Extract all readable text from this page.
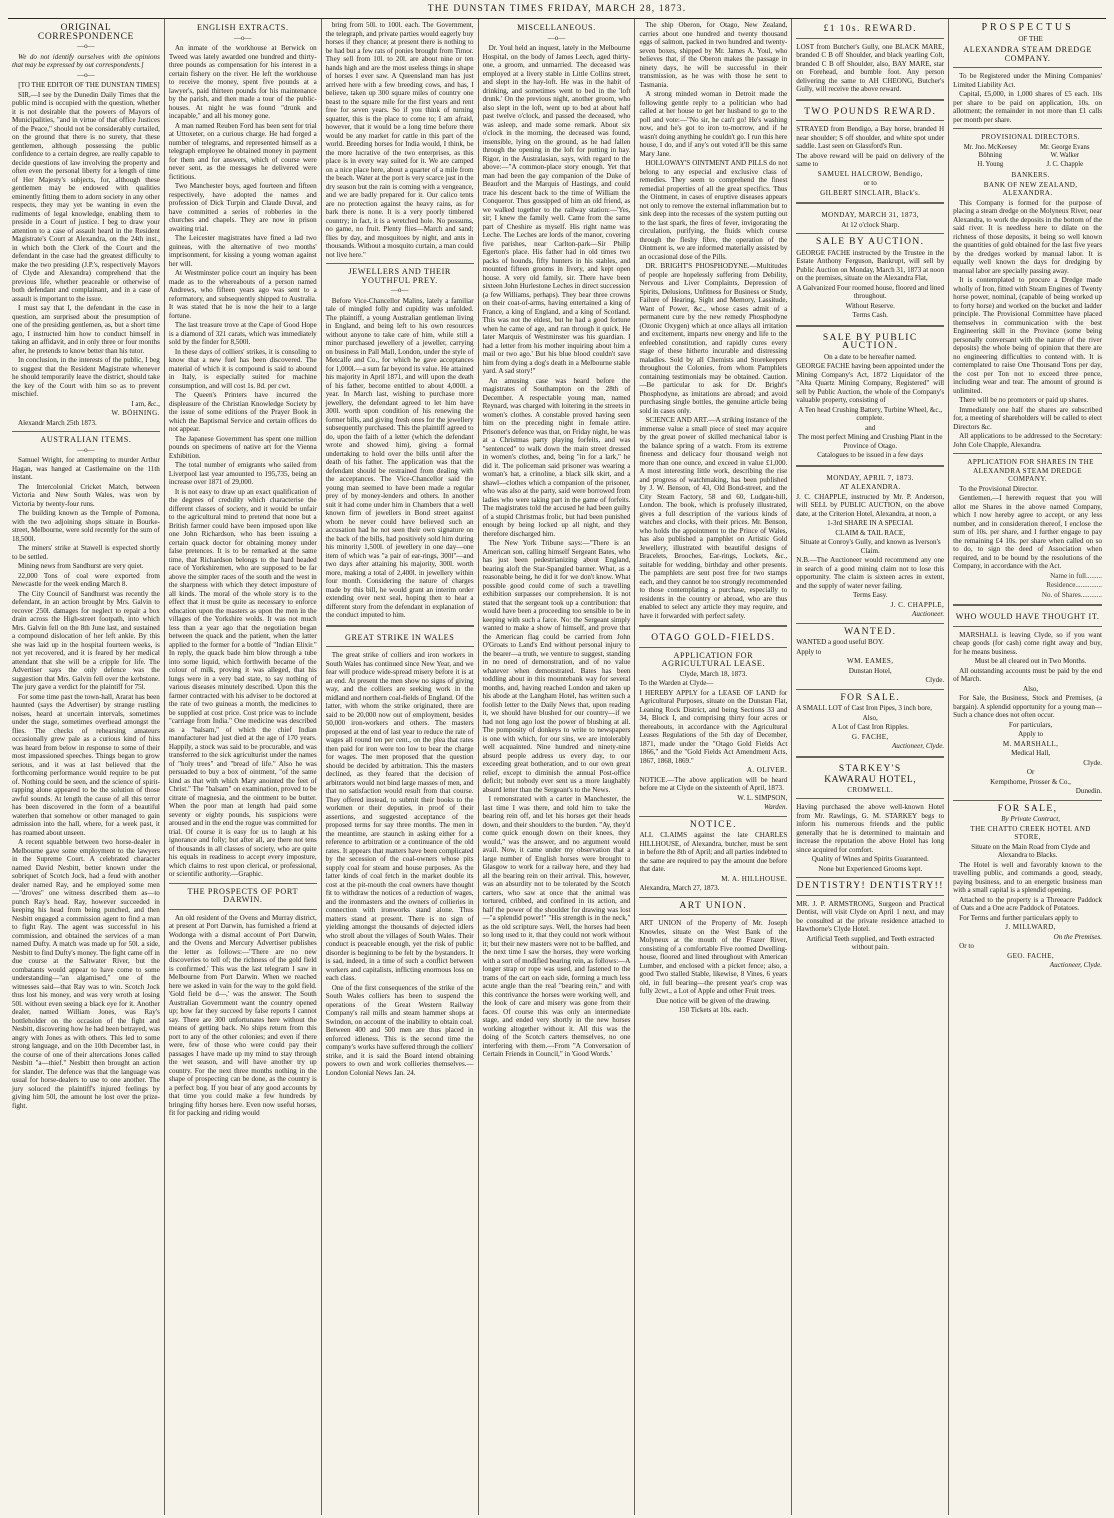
THE DUNSTAN TIMES FRIDAY, MARCH 28, 1873.
ORIGINAL CORRESPONDENCE
—o—

We do not identify ourselves with the opinions that may be expressed by out correspondents.]

—o—

[TO THE EDITOR OF THE DUNSTAN TIMES]

SIR,—I see by the Dunedin Daily Times that the public mind is occupied with the question, whether it is not desirable that the powers of Mayors of Municipalities, "and in virtue of that office Justices of the Peace," should not be considerably curtailed, on the ground that there is no surety, that these gentlemen, although possessing the public confidence to a certain degree, are really capable to decide questions of law involving the property and often even the personal liberty for a length of time of Her Majesty's subjects, for, although these gentlemen may be endowed with qualities eminently fitting them to adorn society in any other respects, they may yet be wanting in even the rudiments of legal knowledge, enabling them to preside in a Court of justice. I beg to draw your attention to a case of assault heard in the Resident Magistrate's Court at Alexandra, on the 24th inst., in which both the Clerk of the Court and the defendant in the case had the greatest difficulty to make the two presiding (J.P.'s, respectively Mayors of Clyde and Alexandra) comprehend that the previous life, whether peaceable or otherwise of both defendant and complainant, and in a case of assault is important to the issue.

I must say that I, the defendant in the case in question, am surprised about the presumption of one of the presiding gentlemen, as, but a short time ago, I instructed him how to conduct himself in taking an affidavit, and in only three or four months after, he pretends to know better than his tutor.

In conclusion, in the interests of the public, I beg to suggest that the Resident Magistrate whenever he should temporarily leave the district, should take the key of the Court with him so as to prevent mischief.

I am, &c.,

W. BÖHNING.

Alexandr March 25th 1873.

AUSTRALIAN ITEMS.
—o—

Samuel Wright, for attempting to murder Arthur Hagan, was hanged at Castlemaine on the 11th instant.

The Intercolonial Cricket Match, between Victoria and New South Wales, was won by Victoria by twenty-four runs.

The building known as the Temple of Pomona, with the two adjoining shops situate in Bourke-street, Melbourne, were sold recently for the sum of 18,500l.

The miners' strike at Stawell is expected shortly to be settled.

Mining news from Sandhurst are very quiet.

22,000 Tons of coal were exported from Newcastle for the week ending March 8.

The City Council of Sandhurst was recently the defendant, in an action brought by Mrs. Galvin to recover 250l. damages for neglect to repair a box drain across the High-street footpath, into which Mrs. Galvin fell on the 8th June last, and sustained a compound dislocation of her left ankle. By this she was laid up in the hospital fourteen weeks, is not yet recovered, and it is feared by her medical attendant that she will be a cripple for life. The Advertiser says the only defence was the suggestion that Mrs. Galvin fell over the kerbstone. The jury gave a verdict for the plaintiff for 75l.

For some time past the town-hall, Ararat has been haunted (says the Advertiser) by strange rustling noises, heard at uncertain intervals, sometimes under the stage, sometimes overhead amongst the flies. The checks of rehearsing amateurs occasionally grew pale as a curious kind of hiss was heard from below in response to some of their most impassioned speeches. Things began to grow serious, and it was at last believed that the forthcoming performance would require to be put of. Nothing could be seen, and the science of spirit-rapping alone appeared to be the solution of those awful sounds. At length the cause of all this terror has been discovered in the form of a beautiful waterhen that somehow or other managed to gain admission into the hall, where, for a week past, it has roamed about unseen.

A recent squabble between two horse-dealer in Melbourne gave some employment to the lawyers in the Supreme Court. A celebrated character named David Nesbitt, better known under the sobriquet of Scotch Jock, had a feud with another dealer named Ray, and he employed some men—"droves" one witness described them as—to punch Ray's head. Ray, however succeeded in keeping his head from being punched, and then Nesbitt engaged a commission agent to find a man to fight Ray. The agent was successful in his commission, and obtained the services of a man named Dufty. A match was made up for 50l. a side, Nesbitt to find Dufty's money. The fight came off in due course at the Saltwater River, but the combatants would appear to have come to some understanding—"an algamised," one of the witnesses said—that Ray was to win. Scotch Jock thus lost his money, and was very wroth at losing 50l. without even seeing a black eye for it. Another dealer, named William Jones, was Ray's bottleholder on the occasion of the fight and Nesbitt, discovering how he had been betrayed, was angry with Jones as with others. This led to some strong language, and on the 10th December last, in the course of one of their altercations Jones called Nesbitt "a—thief." Nesbitt then brought an action for slander. The defence was that the language was usual for horse-dealers to use to one another. The jury soluced the plaintiff's injured feelings by giving him 50l, the amount he lost over the prize-fight.

ENGLISH EXTRACTS.
—o—

An inmate of the workhouse at Berwick on Tweed was lately awarded one hundred and thirty-three pounds as compensation for his interest in a certain fishery on the river. He left the workhouse to receive the money, spent five pounds at a lawyer's, paid thirteen pounds for his maintenance by the parish, and then made a tour of the public-houses. At night he was found "drunk and incapable," and all his money gone.

A man named Reuben Ford has been sent for trial at Uttoxeter, on a curious charge. He had forged a number of telegrams, and represented himself as a telegraph employee he obtained money in payment for them and for answers, which of course were never sent, as the messages he delivered were fictitious.

Two Manchester boys, aged fourteen and fifteen respectively, have adopted the names and profession of Dick Turpin and Claude Duval, and have committed a series of robberies in the churches and chapels. They are now in prison awaiting trial.

The Leicester magistrates have fined a lad two guineas, with the alternative of two months' imprisonment, for kissing a young woman against her will.

At Westminster police court an inquiry has been made as to the whereabouts of a person named Andrews, who fifteen years ago was sent to a reformatory, and subsequently shipped to Australia. It was stated that he is now the heir to a large fortune.

The last treasure trove at the Cape of Good Hope is a diamond of 321 carats, which was immediately sold by the finder for 8,500l.

In these days of colliers' strikes, it is consoling to know that a new fuel has been discovered. The material of which it is compound is said to abound in Italy, is especially suited for machine consumption, and will cost 1s. 8d. per cwt.

The Queen's Printers have incurred the displeasure of the Christian Knowledge Society by the issue of some editions of the Prayer Book in which the Baptismal Service and certain offices do not appear.

The Japanese Government has spent one million pounds on specimens of native art for the Vienna Exhibition.

The total number of emigrants who sailed from Liverpool last year amounted to 195,735, being an increase over 1871 of 29,000.

It is not easy to draw up an exact qualification of the degrees of credulity which characterise the different classes of society, and it would be unfair to the agricultural mind to pretend that none but a British farmer could have been imposed upon like one John Richardson, who has been issuing a certain quack doctor for obtaining money under false pretences. It is to be remarked at the same time, that Richardson belongs to the hard headed race of Yorkshiremen, who are supposed to be far above the simpler races of the south and the west in the sharpness with which they detect imposture of all kinds. The moral of the whole story is to the effect that it must be quite as necessary to enforce education upon the masters as upon the men in the villages of the Yorkshire wolds. It was not much less than a year ago that the negotiation began between the quack and the patient, when the latter applied to the former for a bottle of "Indian Elixir." In reply, the quack bade him blow through a tube into some liquid, which forthwith became of the colour of milk, proving it was alleged, that his lungs were in a very bad state, to say nothing of various diseases minutely described. Upon this the farmer contracted with his adviser to be doctored at the rate of two guineas a month, the medicines to be supplied at cost price. Cost price was to include "carriage from India." One medicine was described as a "balsam," of which the chief Indian manufacturer had just died at the age of 170 years. Happily, a stock was said to be procurable, and was transferred to the sick agriculturist under the names of "holy trees" and "bread of life." Also he was persuaded to buy a box of ointment, "of the same kind as that with which Mary anointed the feet of Christ." The "balsam" on examination, proved to be citrate of magnesia, and the ointment to be butter. When the poor man at length had paid some seventy or eighty pounds, his suspicions were aroused and in the end the rogue was committed for trial. Of course it is easy for us to laugh at his ignorance and folly; but after all, are there not tens of thousands in all classes of society, who are quite his equals in readiness to accept every imposture, which claims to rest upon clerical, or professional, or scientific authority.—Graphic.

THE PROSPECTS OF PORT DARWIN.

An old resident of the Ovens and Murray district, at present at Port Darwin, has furnished a friend at Wodonga with a dismal account of Port Darwin, and the Ovens and Mercury Advertiser publishes the letter as follows:—"There are no new discoveries to tell of; the richness of the gold field is confirmed.' This was the last telegram I saw in Melbourne from Port Darwin. When we reached here we asked in vain for the way to the gold field. 'Gold field be d—,' was the answer. The South Australian Government want the country opened up; how far they succeed by false reports I cannot say. There are 300 unfortunates here without the means of getting back. No ships return from this port to any of the other colonies; and even if there were, few of those who were could pay their passages I have made up my mind to stay through the wet season, and will have another try up country. For the next three months nothing in the shape of prospecting can be done, as the country is a perfect bog. If you hear of any good accounts by that time you could make a few hundreds by bringing fifty horses here. Even now useful horses, fit for packing and riding would

bring from 50l. to 100l. each. The Government, the telegraph, and private parties would eagerly buy horses if they chance; at present there is nothing to be had but a few rats of ponies brought from Timor. They sell from 10l. to 20l. are about nine or ten hands high and are the most useless things in shape of horses I ever saw. A Queensland man has just arrived here with a few breeding cows, and has, I believe, taken up 300 square miles of country one beast to the square mile for the first years and rent free for seven years. So if you think of turning squatter, this is the place to come to; I am afraid, however, that it would be a long time before there would be any market for cattle in this part of the world. Breeding horses for India would, I think, be the more lucrative of the two enterprises, as this place is in every way suited for it. We are camped on a nice place here, about a quarter of a mile from the beach. Water at the port is very scarce just in the dry season but the rain is coming with a vengeance, and we are badly prepared for it. Our calico tents are no protection against the heavy rains, as for bark there is none. It is a very poorly timbered country; in fact, it is a wretched hole. No possums, no game, no fruit. Plenty flies—March and sand; flies by day, and mosquitoes by night, and ants in thousands. Without a mosquito curtain, a man could not live here."

JEWELLERS AND THEIR YOUTHFUL PREY.
—o—

Before Vice-Chancellor Malins, lately a familiar tale of mingled folly and cupidity was unfolded. The plaintiff, a young Australian gentleman living in England, and being left to his own resources without anyone to take care of him, while still a minor purchased jewellery of a jeweller, carrying on business in Pall Mall, London, under the style of Metcalfe and Co., for which he gave acceptances for 1,000l.—a sum far beyond its value. He attained his majority in April 1871, and will upon the death of his father, become entitled to about 4,000l. a year. In March last, wishing to purchase more jewellery, the defendant agreed to let him have 300l. worth upon condition of his renewing the former bills, and giving fresh ones for the jewellery subsequently purchased. This the plaintiff agreed to do, upon the faith of a letter (which the defendant wrote and showed him), giving a formal undertaking to hold over the bills until after the death of his father. The application was that the defendant should be restrained from dealing with the acceptances. The Vice-Chancellor said the young man seemed to have been made a regular prey of by money-lenders and others. In another suit it had come under him in Chambers that a well known firm of jewellers in Bond street against whom he never could have believed such an accusation had he not seen their own signature on the back of the bills, had positively sold him during his minority 1,500l. of jewellery in one day—one item of which was "a pair of ear-rings, 300l"—and two days after attaining his majority, 300l. worth more, making a total of 2,400l. in jewellery within four month. Considering the nature of charges made by this bill, he would grant an interim order extending over next seal, hoping then to hear a different story from the defendant in explanation of the conduct imputed to him.

GREAT STRIKE IN WALES

The great strike of colliers and iron workers in South Wales has continued since New Year, and we fear will produce wide-spread misery before it is at an end. At present the men show no signs of giving way, and the colliers are seeking work in the midland and northern coal-fields of England. Of the latter, with whom the strike originated, there are said to be 20,000 now out of employment, besides 50,000 iron-workers and others. The masters proposed at the end of last year to reduce the rate of wages all round ten per cent., on the plea that rates then paid for iron were too low to bear the charge for wages. The men proposed that the question should be decided by arbitration. This the masters declined, as they feared that the decision of arbitrators would not bind large masses of men, and that no satisfaction would result from that course. They offered instead, to submit their books to the workmen or their deputies, in proof of their assertions, and suggested acceptance of the proposed terms for say three months. The men in the meantime, are staunch in asking either for a reference to arbitration or a continuance of the old rates. It appears that matters have been complicated by the secession of the coal-owners whose pits supply coal for steam and house purposes. As the latter kinds of coal fetch in the market double its cost at the pit-mouth the coal owners have thought fit to withdraw the notices of a reduction of wages, and the ironmasters and the owners of collieries in connection with ironworks stand alone. Thus matters stand at present. There is no sign of yielding amongst the thousands of dejected idlers who stroll about the villages of South Wales. Their conduct is peaceable enough, yet the risk of public disorder is beginning to be felt by the bystanders. It is sad, indeed, in a time of such a conflict between workers and capitalists, inflicting enormous loss on each class.

One of the first consequences of the strike of the South Wales colliers has been to suspend the operations of the Great Western Railway Company's rail mills and steam hammer shops at Swindon, on account of the inability to obtain coal. Between 400 and 500 men are thus placed in enforced idleness. This is the second time the company's works have suffered through the colliers' strike, and it is said the Board intend obtaining powers to own and work collieries themselves.—London Colonial News Jan. 24.

MISCELLANEOUS.
—o—

Dr. Youl held an inquest, lately in the Melbourne Hospital, on the body of James Leech, aged thirty-one, a groom, and unmarried. The deceased was employed at a livery stable in Little Collins street, and slept in the hay-loft. He was in the habit of drinking, and sometimes went to bed in the 'loft drunk.' On the previous night, another groom, who also slept in the loft, went up to bed at about half past twelve o'clock, and passed the deceased, who was asleep, and made some remark. About six o'clock in the morning, the deceased was found, insensible, lying on the ground, as he had fallen through the opening in the loft for putting in hay. Rigor, in the Australasian, says, with regard to the above:—"A common-place story enough. Yet that man had been the gay companion of the Duke of Beaufort and the Marquis of Hastings, and could trace his descent back to the time of William the Conqueror. Thus gossipped of him an old friend, as we walked together to the railway station:—'Yes, sir; I knew the family well. Came from the same part of Cheshire as myself. His right name was Leche. The Leches are lords of the manor, covering five parishes, near Carlton-park—Sir Philip Egerton's place. His father had in old times two packs of hounds, fifty hunters in his stables, and mounted fifteen grooms in livery, and kept open house. A very old family, sir. There have been sixteen John Hurlestone Leches in direct succession (a few Williams, perhaps). They bear three crowns on their coat-of-arms, having entertained a king of France, a king of England, and a king of Scotland. This was not the eldest, but he had a good fortune when he came of age, and ran through it quick. He later Marquis of Westminster was his guardian. I had a letter from his mother inquiring about him a mail or two ago.' But his blue blood couldn't save him from dying a dog's death in a Melbourne stable yard. A sad story!"

An amusing case was heard before the magistrates of Southampton on the 28th of December. A respectable young man, named Reynard, was charged with loitering in the streets in women's clothes. A constable proved having seen him on the preceding night in female attire. Prisoner's defence was that, on Friday night, he was at a Christmas party playing forfeits, and was "sentenced" to walk down the main street dressed in women's clothes, and, being "in for a lark," he did it. The policeman said prisoner was wearing a woman's hat, a crinoline, a black silk skirt, and a shawl—clothes which a companion of the prisoner, who was also at the party, said were borrowed from ladies who were taking part in the game of forfeits. The magistrates told the accused he had been guilty of a stupid Christmas frolic, but had been punished enough by being locked up all night, and they therefore discharged him.

The New York Tribune says:—"There is an American son, calling himself Sergeant Bates, who has just been pedestrianizing about England, bearing aloft the Star-Spangled banner. What, as a reasonable being, he did it for we don't know. What possible good could come of such a travelling exhibition surpasses our comprehension. It is not stated that the sergeant took up a contribution: that would have been a proceeding too sensible to be in keeping with such a farce. No: the Sergeant simply wanted to make a show of himself, and prove that the American flag could be carried from John O'Groats to Land's End without personal injury to the bearer—a truth, we venture to suggest, standing in no need of demonstration, and of no value whatever when demonstrated. Bates has been toddling about in this mountebank way for several months, and, having reached London and taken up his abode at the Langham Hotel, has written such a foolish letter to the Daily News that, upon reading it, we should have blushed for our country—if we had not long ago lost the power of blushing at all. The pomposity of donkeys to write to newspapers is one with which, for our sins, we are intolerably well acquainted. Nine hundred and ninety-nine absurd people address us every day, to our exceeding great botheration, and to our own great relief, except to diminish the annual Post-office deficit; but nobody ever sent us a more laughably absurd letter than the Sergeant's to the News.

I remonstrated with a carter in Manchester, the last time I was there, and told him to take the bearing rein off, and let his horses get their heads down, and their shoulders to the burden. "Ay, they'd come quick enough down on their knees, they would," was the answer, and no argument would avail. Now, it came under my observation that a large number of English horses were brought to Glasgow to work for a railway here, and they had all the bearing rein on their arrival. This, however, was an absurdity not to be tolerated by the Scotch carters, who saw at once that the animal was tortured, cribbed, and confined in its action, and half the power of the shoulder for drawing was lost—"a splendid power!" "His strength is in the neck," as the old scripture says. Well, the horses had been so long used to it, that they could not work without it; but their new masters were not to be baffled, and the next time I saw the horses, they were working with a sort of modified bearing rein, as follows:—A longer strap or rope was used, and fastened to the trams of the cart on each side, forming a much less acute angle than the real "bearing rein," and with this contrivance the horses were working well, and the look of care and misery was gone from their faces. Of course this was only an intermediate stage, and ended very shortly in the new horses working altogether without it. All this was the doing of the Scotch carters themselves, no one interfering with them.—From "A Conversation of Certain Friends in Council," in 'Good Words.'

The ship Oberon, for Otago, New Zealand, carries about one hundred and twenty thousand eggs of salmon, packed in two hundred and twenty-seven boxes, shipped by Mr. James A. Youl, who believes that, if the Oberon makes the passage in ninety days, he will be successful in their transmission, as he was with those he sent to Tasmania.

A strong minded woman in Detroit made the following gentle reply to a politician who had called at her house to get her husband to go to the poll and vote:—"No sir, he can't go! He's washing now, and he's got to iron to-morrow, and if he wasn't doing anything he couldn't go. I run this here house, I do, and if any's out voted it'll be this same Mary Jane.

HOLLOWAY'S OINTMENT AND PILLS do not belong to any especial and exclusive class of remedies. They seem to comprehend the finest remedial properties of all the great specifics. Thus the Ointment, in cases of eruptive diseases appears not only to remove the external inflammation but to sink deep into the recesses of the system putting out to the last spark, the fires of fever, invigorating the circulation, purifying, the fluids which course through the fleshy fibre, the operation of the Ointment is, we are informed materially assisted by an occasional dose of the Pills.

DR. BRIGHT'S PHOSPHODYNE.—Multitudes of people are hopelessly suffering from Debility, Nervous and Liver Complaints, Depression of Spirits, Delusions, Unfitness for Business or Study, Failure of Hearing, Sight and Memory, Lassitude, Want of Power, &c., whose cases admit of a permanent cure by the new remedy Phosphodyne (Ozonic Oxygen) which at once allays all irritation and excitement, imparts new energy and life to the enfeebled constitution, and rapidly cures every stage of these hitherto incurable and distressing maladies. Sold by all Chemists and Storekeepers throughout the Colonies, from whom Pamphlets containing testimonials may be obtained. Caution.—Be particular to ask for Dr. Bright's Phosphodyne, as imitations are abroad; and avoid purchasing single bottles, the genuine article being sold in cases only.

SCIENCE AND ART.—A striking instance of the immense value a small piece of steel may acquire by the great power of skilled mechanical labor is the balance spring of a watch. From its extreme fineness and delicacy four thousand weigh not more than one ounce, and exceed in value £1,000. A most interesting little work, describing the rise and progress of watchmaking, has been published by J. W. Benson, of 43, Old Bond-street, and the City Steam Factory, 58 and 60, Ludgate-hill, London. The book, which is profusely illustrated, gives a full description of the various kinds of watches and clocks, with their prices. Mr. Benson, who holds the appointment to the Prince of Wales, has also published a pamphlet on Artistic Gold Jewellery, illustrated with beautiful designs of Bracelets, Brooches, Ear-rings, Lockets, &c., suitable for wedding, birthday and other presents. The pamphlets are sent post free for two stamps each, and they cannot be too strongly recommended to those contemplating a purchase, especially to residents in the country or abroad, who are thus enabled to select any article they may require, and have it forwarded with perfect safety.

OTAGO GOLD-FIELDS.
APPLICATION FOR AGRICULTURAL LEASE.

Clyde, March 18, 1873.

To the Warden at Clyde—

I HEREBY APPLY for a LEASE OF LAND for Agricultural Purposes, situate on the Dunstan Flat, Leaning Rock District, and being Sections 33 and 34, Block I, and comprising thirty four acres or thereabouts, in accordance with the Agricultural Leases Regulations of the 5th day of December, 1871, made under the "Otago Gold Fields Act 1866," and the "Gold Fields Act Amendment Acts, 1867, 1868, 1869."

A. OLIVER.

NOTICE.—The above application will be heard before me at Clyde on the sixteenth of April, 1873.

W. L. SIMPSON,

Warden.

NOTICE.

ALL CLAIMS against the late CHARLES HILLHOUSE, of Alexandra, butcher, must be sent in before the 8th of April; and all parties indebted to the same are required to pay the amount due before that date.

M. A. HILLHOUSE.

Alexandra, March 27, 1873.

ART UNION.

ART UNION of the Property of Mr. Joseph Knowles, situate on the West Bank of the Molyneux at the mouth of the Frazer River, consisting of a comfortable Five roomed Dwelling-house, floored and lined throughout with American Lumber, and enclosed with a picket fence; also, a good Two stalled Stable, likewise, 8 Vines, 6 years old, in full bearing—the present year's crop was fully 2cwt., a Lot of Apple and other Fruit trees.

Due notice will be given of the drawing.

150 Tickets at 10s. each.

£1 10s. REWARD.

LOST from Butcher's Gully, one BLACK MARE, branded C B off Shoulder, and black yearling Colt, branded C B off Shoulder, also, BAY MARE, star on Forehead, and bumble foot. Any person delivering the same to AH CHEONG, Butcher's Gully, will receive the above reward.

TWO POUNDS REWARD.

STRAYED from Bendigo, a Bay horse, branded H near shoulder; S off shoulder, and white spot under saddle. Last seen on Glassford's Run.

The above reward will be paid on delivery of the same to

SAMUEL HALCROW, Bendigo,

or to

GILBERT SINCLAIR, Black's.

MONDAY, MARCH 31, 1873,

At 12 o'clock Sharp.

SALE BY AUCTION.

GEORGE FACHE instructed by the Trustee in the Estate Anthony Ferguson, Bankrupt, will sell by Public Auction on Monday, March 31, 1873 at noon on the premises, situate on the Alexandra Flat,

A Galvanized Four roomed house, floored and lined throughout.

Without Reserve.

Terms Cash.

SALE BY PUBLIC AUCTION.

On a date to be hereafter named.

GEORGE FACHE having been appointed under the Mining Company's Act, 1872 Liquidator of the "Alta Quartz Mining Company, Registered" will sell by Public Auction, the whole of the Company's valuable property, consisting of

A Ten head Crushing Battery, Turbine Wheel, &c., complete.

and

The most perfect Mining and Crushing Plant in the Province of Otago.

Catalogues to be issued in a few days

MONDAY, APRIL 7, 1873.

AT ALEXANDRA.

J. C. CHAPPLE, instructed by Mr. P. Anderson, will SELL by PUBLIC AUCTION, on the above date, at the Criterion Hotel, Alexandra, at noon, a

1-3rd SHARE IN A SPECIAL

CLAIM & TAIL RACE,

Situate at Conroy's Gully, and known as Iverson's Claim.

N.B.—The Auctioneer would recommend any one in search of a good mining claim not to lose this opportunity. The claim is sixteen acres in extent, and the supply of water never failing.

Terms Easy.

J. C. CHAPPLE,

Auctioneer.

WANTED.

WANTED a good useful BOY.

Apply to

WM. EAMES,

Dunstan Hotel,

Clyde.

FOR SALE.

A SMALL LOT of Cast Iron Pipes, 3 inch bore,

Also,

A Lot of Cast Iron Ripples.

G. FACHE,

Auctioneer, Clyde.

STARKEY'S
KAWARAU HOTEL,

CROMWELL.

Having purchased the above well-known Hotel from Mr. Rawlings, G. M. STARKEY begs to inform his numerous friends and the public generally that he is determined to maintain and increase the reputation the above Hotel has long since acquired for comfort.

Quality of Wines and Spirits Guaranteed.

None but Experienced Grooms kept.

DENTISTRY! DENTISTRY!!

MR. J. P. ARMSTRONG, Surgeon and Practical Dentist, will visit Clyde on April 1 next, and may be consulted at the private residence attached to Hawthorne's Clyde Hotel.

Artificial Teeth supplied, and Teeth extracted without pain.

PROSPECTUS

OF THE

ALEXANDRA STEAM DREDGE COMPANY.

To be Registered under the Mining Companies' Limited Liability Act.

Capital, £5,000, in 1,000 shares of £5 each. 10s per share to be paid on application, 10s. on allotment; the remainder in not more than £1 calls per month per share.

PROVISIONAL DIRECTORS.

Mr. Jno. McKeesey	Mr. George Evans
Böhning	W. Walker
H. Young	J. C. Chapple

BANKERS.

BANK OF NEW ZEALAND, ALEXANDRA.

This Company is formed for the purpose of placing a steam dredge on the Molyneux River, near Alexandra, to work the deposits in the bottom of the said river. It is needless here to dilate on the richness of those deposits, it being so well known the quantities of gold obtained for the last five years by the dredges worked by manual labor. It is equally well known the days for dredging by manual labor are specially passing away.

It is contemplated to procure a Dredge made wholly of Iron, fitted with Steam Engines of Twenty horse power, nominal, (capable of being worked up to forty horse) and worked on the bucket and ladder principle. The Provisional Committee have placed themselves in communication with the best Engineering skill in the Province (some being personally conversant with the nature of the river deposits) the whole being of opinion that there are no engineering difficulties to contend with. It is contemplated to raise One Thousand Tons per day, the cost per Ton not to exceed three pence, including wear and tear. The amount of ground is unlimited.

There will be no promoters or paid up shares.

Immediately one half the shares are subscribed for, a meeting of shareholders will be called to elect Directors &c.

All applications to be addressed to the Secretary: John Cole Chapple, Alexandra.

APPLICATION FOR SHARES IN THE ALEXANDRA STEAM DREDGE COMPANY.

To the Provisional Director.

Gentlemen,—I herewith request that you will allot me Shares in the above named Company, which I now hereby agree to accept, or any less number, and in consideration thereof, I enclose the sum of 10s. per share, and I further engage to pay the remaining £4 10s. per share when called on so to do, to sign the deed of Association when required, and to be bound by the resolutions of the Company, in accordance with the Act.

Name in full.........

Residence...............

No. of Shares............

WHO WOULD HAVE THOUGHT IT.

MARSHALL is leaving Clyde, so if you want cheap goods (for cash) come right away and buy, for he means business.

Must be all cleared out in Two Months.

All outstanding accounts must be paid by the end of March.

Also,

For Sale, the Business, Stock and Premises, (a bargain). A splendid opportunity for a young man—Such a chance does not often occur.

For particulars,

Apply to

M. MARSHALL,

Medical Hall,

Clyde.

Or

Kempthorne, Prosser & Co.,

Dunedin.

FOR SALE,

By Private Contract,

THE CHATTO CREEK HOTEL AND STORE,

Situate on the Main Road from Clyde and Alexandra to Blacks.

The Hotel is well and favorably known to the travelling public, and commands a good, steady, paying business, and to an energetic business man with a small capital is a splendid opening.

Attached to the property is a Threeacre Paddock of Oats and a One acre Paddock of Potatoes.

For Terms and further particulars apply to

J. MILLWARD,

On the Premises.

Or to

GEO. FACHE,

Auctioneer, Clyde.
